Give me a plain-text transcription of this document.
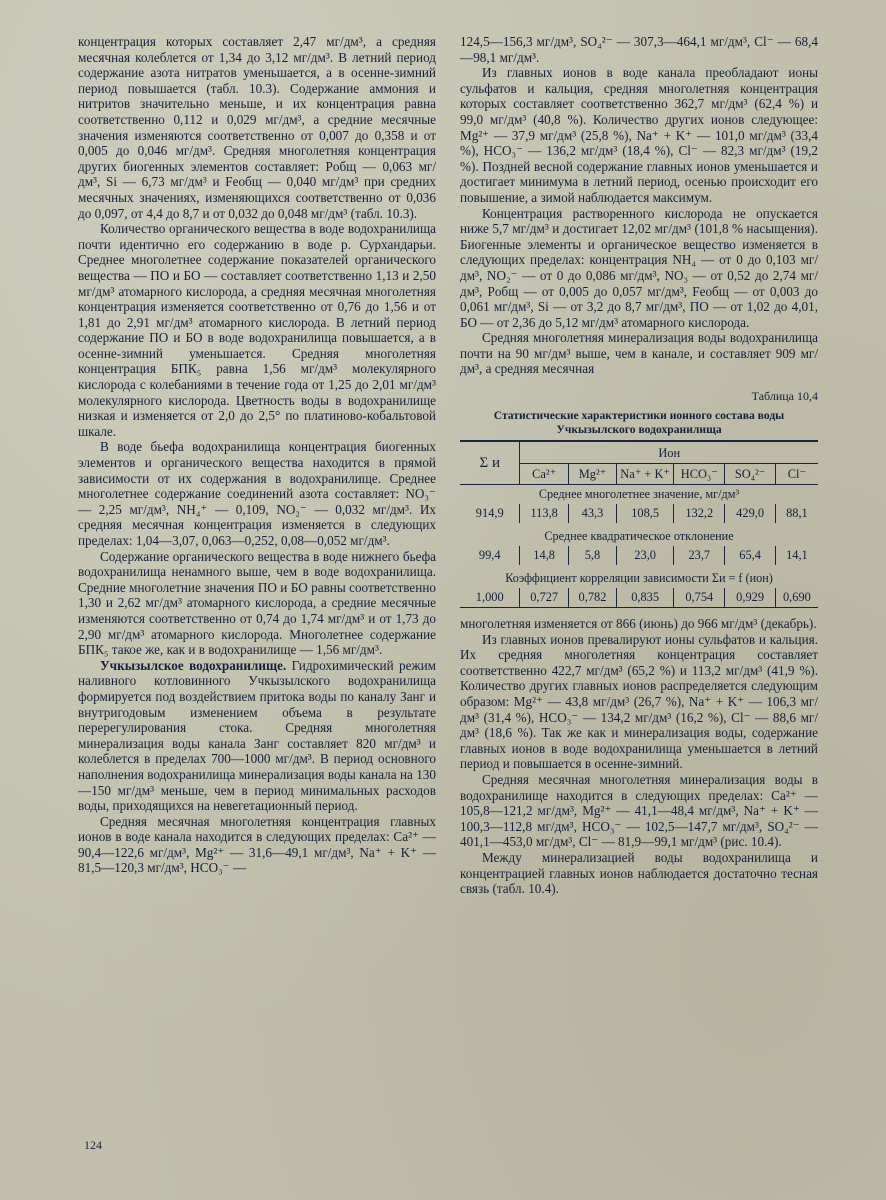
концентрация которых составляет 2,47 мг/дм³, а средняя месячная колеблется от 1,34 до 3,12 мг/дм³. В летний период содержание азота нитратов уменьшается, а в осенне-зимний период повышается (табл. 10.3). Содержание аммония и нитритов значительно меньше, и их концентрация равна соответственно 0,112 и 0,029 мг/дм³, а средние месячные значения изменяются соответственно от 0,007 до 0,358 и от 0,005 до 0,046 мг/дм³. Средняя многолетняя концентрация других биогенных элементов составляет: Pобщ — 0,063 мг/дм³, Si — 6,73 мг/дм³ и Feобщ — 0,040 мг/дм³ при средних месячных значениях, изменяющихся соответственно от 0,036 до 0,097, от 4,4 до 8,7 и от 0,032 до 0,048 мг/дм³ (табл. 10.3).

Количество органического вещества в воде водохранилища почти идентично его содержанию в воде р. Сурхандарьи. Среднее многолетнее содержание показателей органического вещества — ПО и БО — составляет соответственно 1,13 и 2,50 мг/дм³ атомарного кислорода, а средняя месячная многолетняя концентрация изменяется соответственно от 0,76 до 1,56 и от 1,81 до 2,91 мг/дм³ атомарного кислорода. В летний период содержание ПО и БО в воде водохранилища повышается, а в осенне-зимний уменьшается. Средняя многолетняя концентрация БПК₅ равна 1,56 мг/дм³ молекулярного кислорода с колебаниями в течение года от 1,25 до 2,01 мг/дм³ молекулярного кислорода. Цветность воды в водохранилище низкая и изменяется от 2,0 до 2,5° по платиново-кобальтовой шкале.

В воде бьефа водохранилища концентрация биогенных элементов и органического вещества находится в прямой зависимости от их содержания в водохранилище. Среднее многолетнее содержание соединений азота составляет: NO₃⁻ — 2,25 мг/дм³, NH₄⁺ — 0,109, NO₂⁻ — 0,032 мг/дм³. Их средняя месячная концентрация изменяется в следующих пределах: 1,04—3,07, 0,063—0,252, 0,08—0,052 мг/дм³.

Содержание органического вещества в воде нижнего бьефа водохранилища ненамного выше, чем в воде водохранилища. Средние многолетние значения ПО и БО равны соответственно 1,30 и 2,62 мг/дм³ атомарного кислорода, а средние месячные изменяются соответственно от 0,74 до 1,74 мг/дм³ и от 1,73 до 2,90 мг/дм³ атомарного кислорода. Многолетнее содержание БПК₅ такое же, как и в водохранилище — 1,56 мг/дм³.

Учкызылское водохранилище. Гидрохимический режим наливного котловинного Учкызылского водохранилища формируется под воздействием притока воды по каналу Занг и внутригодовым изменением объема в результате перерегулирования стока. Средняя многолетняя минерализация воды канала Занг составляет 820 мг/дм³ и колеблется в пределах 700—1000 мг/дм³. В период основного наполнения водохранилища минерализация воды канала на 130—150 мг/дм³ меньше, чем в период минимальных расходов воды, приходящихся на невегетационный период.

Средняя месячная многолетняя концентрация главных ионов в воде канала находится в следующих пределах: Ca²⁺ — 90,4—122,6 мг/дм³, Mg²⁺ — 31,6—49,1 мг/дм³, Na⁺ + K⁺ — 81,5—120,3 мг/дм³, HCO₃⁻ —

124,5—156,3 мг/дм³, SO₄²⁻ — 307,3—464,1 мг/дм³, Cl⁻ — 68,4—98,1 мг/дм³.

Из главных ионов в воде канала преобладают ионы сульфатов и кальция, средняя многолетняя концентрация которых составляет соответственно 362,7 мг/дм³ (62,4 %) и 99,0 мг/дм³ (40,8 %). Количество других ионов следующее: Mg²⁺ — 37,9 мг/дм³ (25,8 %), Na⁺ + K⁺ — 101,0 мг/дм³ (33,4 %), HCO₃⁻ — 136,2 мг/дм³ (18,4 %), Cl⁻ — 82,3 мг/дм³ (19,2 %). Поздней весной содержание главных ионов уменьшается и достигает минимума в летний период, осенью происходит его повышение, а зимой наблюдается максимум.

Концентрация растворенного кислорода не опускается ниже 5,7 мг/дм³ и достигает 12,02 мг/дм³ (101,8 % насыщения). Биогенные элементы и органическое вещество изменяется в следующих пределах: концентрация NH₄ — от 0 до 0,103 мг/дм³, NO₂⁻ — от 0 до 0,086 мг/дм³, NO₃ — от 0,52 до 2,74 мг/дм³, Pобщ — от 0,005 до 0,057 мг/дм³, Feобщ — от 0,003 до 0,061 мг/дм³, Si — от 3,2 до 8,7 мг/дм³, ПО — от 1,02 до 4,01, БО — от 2,36 до 5,12 мг/дм³ атомарного кислорода.

Средняя многолетняя минерализация воды водохранилища почти на 90 мг/дм³ выше, чем в канале, и составляет 909 мг/дм³, а средняя месячная

Таблица 10,4
Статистические характеристики ионного состава воды
Учкызылского водохранилища
Σ и	Ион					
	Ca²⁺	Mg²⁺	Na⁺ + K⁺	HCO₃⁻	SO₄²⁻	Cl⁻
Среднее многолетнее значение, мг/дм³						
914,9	113,8	43,3	108,5	132,2	429,0	88,1
Среднее квадратическое отклонение						
99,4	14,8	5,8	23,0	23,7	65,4	14,1
Коэффициент корреляции зависимости Σи = f (ион)						
1,000	0,727	0,782	0,835	0,754	0,929	0,690

многолетняя изменяется от 866 (июнь) до 966 мг/дм³ (декабрь).

Из главных ионов превалируют ионы сульфатов и кальция. Их средняя многолетняя концентрация составляет соответственно 422,7 мг/дм³ (65,2 %) и 113,2 мг/дм³ (41,9 %). Количество других главных ионов распределяется следующим образом: Mg²⁺ — 43,8 мг/дм³ (26,7 %), Na⁺ + K⁺ — 106,3 мг/дм³ (31,4 %), HCO₃⁻ — 134,2 мг/дм³ (16,2 %), Cl⁻ — 88,6 мг/дм³ (18,6 %). Так же как и минерализация воды, содержание главных ионов в воде водохранилища уменьшается в летний период и повышается в осенне-зимний.

Средняя месячная многолетняя минерализация воды в водохранилище находится в следующих пределах: Ca²⁺ — 105,8—121,2 мг/дм³, Mg²⁺ — 41,1—48,4 мг/дм³, Na⁺ + K⁺ — 100,3—112,8 мг/дм³, HCO₃⁻ — 102,5—147,7 мг/дм³, SO₄²⁻ — 401,1—453,0 мг/дм³, Cl⁻ — 81,9—99,1 мг/дм³ (рис. 10.4).

Между минерализацией воды водохранилища и концентрацией главных ионов наблюдается достаточно тесная связь (табл. 10.4).

124
